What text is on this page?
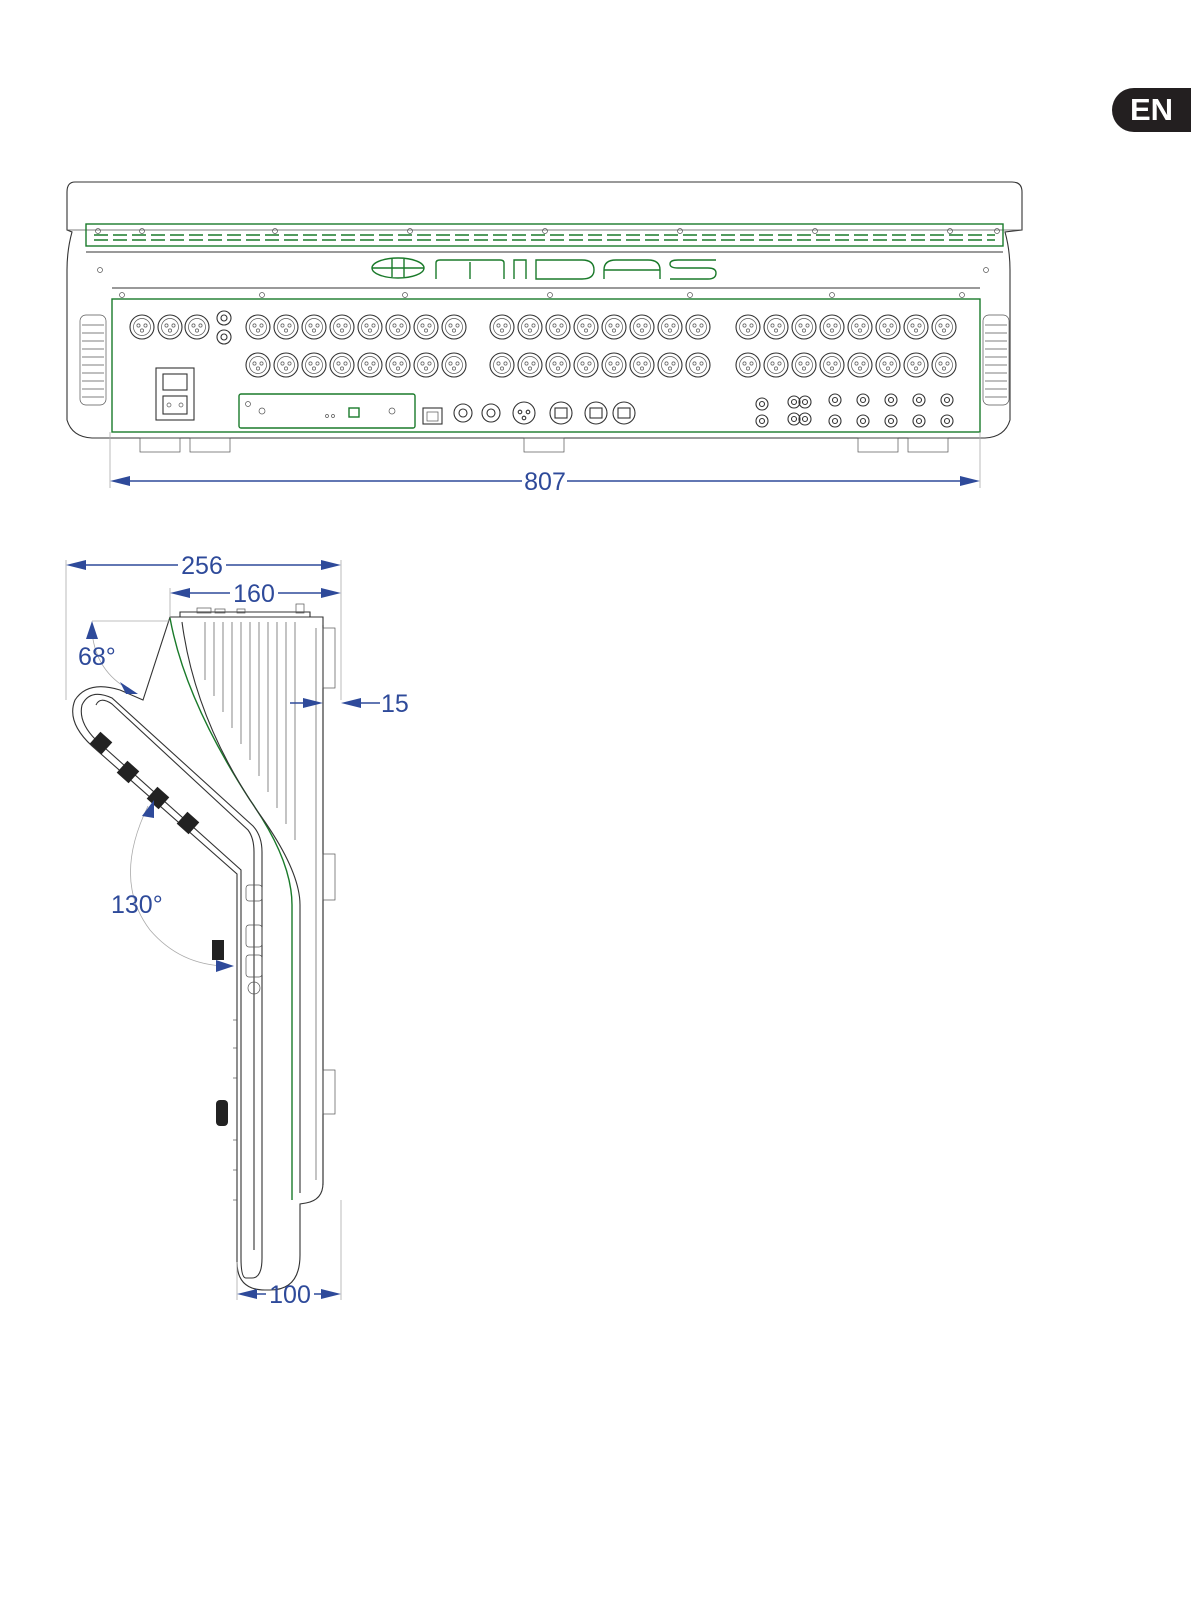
EN
807
256
160
15
100
68°
130°
